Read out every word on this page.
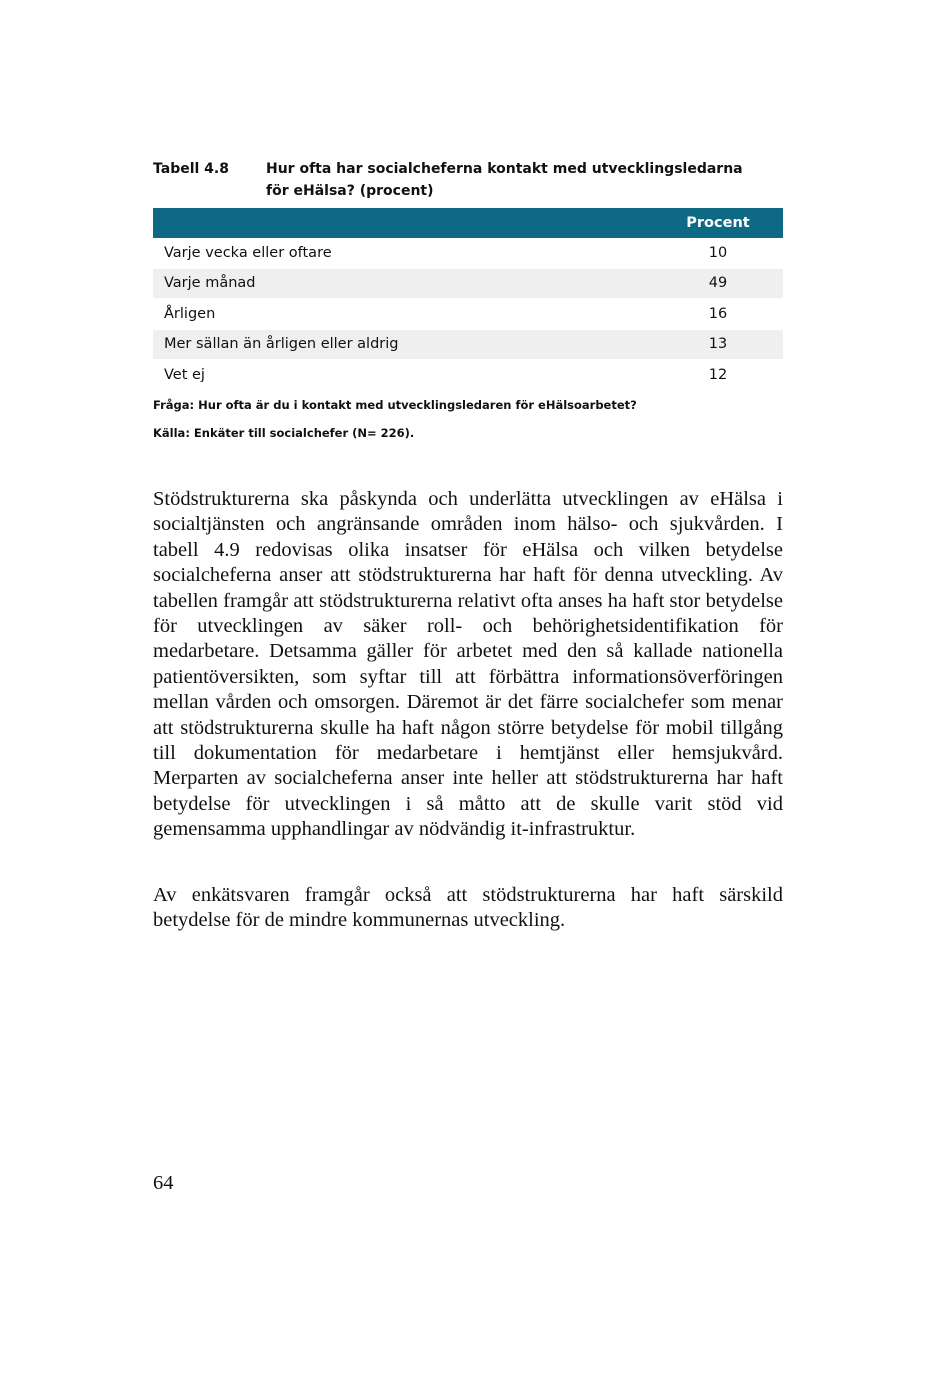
Tabell 4.8	Hur ofta har socialcheferna kontakt med utvecklingsledarna för eHälsa? (procent)
	Procent
Varje vecka eller oftare	10
Varje månad	49
Årligen	16
Mer sällan än årligen eller aldrig	13
Vet ej	12
Fråga: Hur ofta är du i kontakt med utvecklingsledaren för eHälsoarbetet?
Källa: Enkäter till socialchefer (N= 226).

Stödstrukturerna ska påskynda och underlätta utvecklingen av eHälsa i socialtjänsten och angränsande områden inom hälso- och sjukvården. I tabell 4.9 redovisas olika insatser för eHälsa och vilken betydelse socialcheferna anser att stödstrukturerna har haft för denna utveckling. Av tabellen framgår att stödstrukturerna relativt ofta anses ha haft stor betydelse för utvecklingen av säker roll- och behörighetsidentifikation för medarbetare. Detsamma gäller för arbetet med den så kallade nationella patientöversikten, som syftar till att förbättra informationsöverföringen mellan vården och omsorgen. Däremot är det färre socialchefer som menar att stödstrukturerna skulle ha haft någon större betydelse för mobil tillgång till dokumentation för medarbetare i hemtjänst eller hemsjukvård. Merparten av socialcheferna anser inte heller att stödstrukturerna har haft betydelse för utvecklingen i så måtto att de skulle varit stöd vid gemensamma upphandlingar av nödvändig it-infrastruktur.

Av enkätsvaren framgår också att stödstrukturerna har haft särskild betydelse för de mindre kommunernas utveckling.

64
